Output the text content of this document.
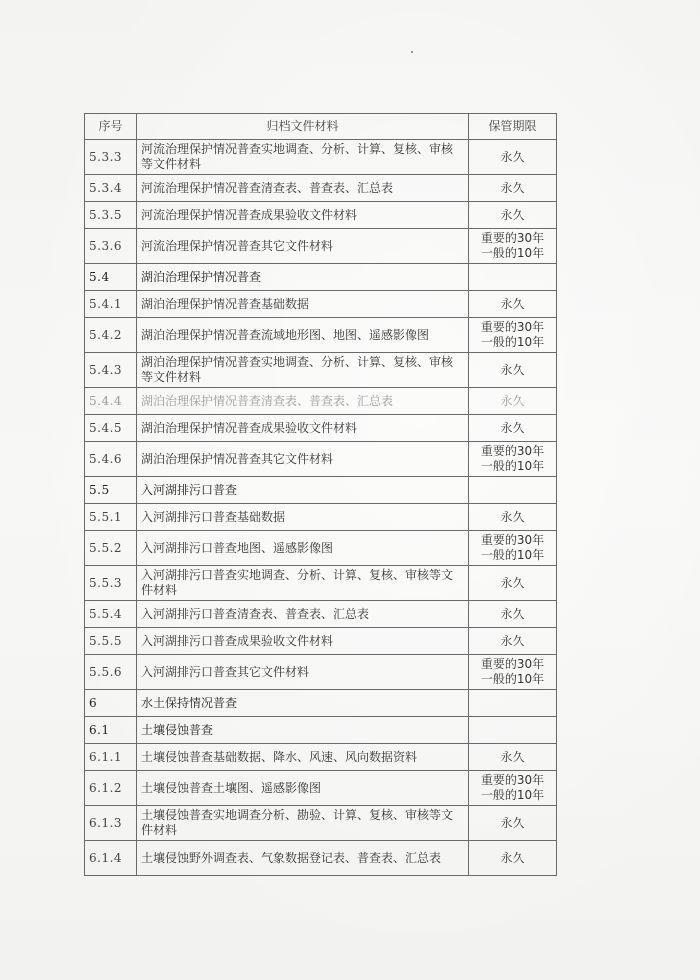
序号	归档文件材料	保管期限
5.3.3	河流治理保护情况普查实地调查、分析、计算、复核、审核等文件材料	永久
5.3.4	河流治理保护情况普查清查表、普查表、汇总表	永久
5.3.5	河流治理保护情况普查成果验收文件材料	永久
5.3.6	河流治理保护情况普查其它文件材料	重要的30年 一般的10年
5.4	湖泊治理保护情况普查	
5.4.1	湖泊治理保护情况普查基础数据	永久
5.4.2	湖泊治理保护情况普查流域地形图、地图、遥感影像图	重要的30年 一般的10年
5.4.3	湖泊治理保护情况普查实地调查、分析、计算、复核、审核等文件材料	永久
5.4.4	湖泊治理保护情况普查清查表、普查表、汇总表	永久
5.4.5	湖泊治理保护情况普查成果验收文件材料	永久
5.4.6	湖泊治理保护情况普查其它文件材料	重要的30年 一般的10年
5.5	入河湖排污口普查	
5.5.1	入河湖排污口普查基础数据	永久
5.5.2	入河湖排污口普查地图、遥感影像图	重要的30年 一般的10年
5.5.3	入河湖排污口普查实地调查、分析、计算、复核、审核等文件材料	永久
5.5.4	入河湖排污口普查清查表、普查表、汇总表	永久
5.5.5	入河湖排污口普查成果验收文件材料	永久
5.5.6	入河湖排污口普查其它文件材料	重要的30年 一般的10年
6	水土保持情况普查	
6.1	土壤侵蚀普查	
6.1.1	土壤侵蚀普查基础数据、降水、风速、风向数据资料	永久
6.1.2	土壤侵蚀普查土壤图、遥感影像图	重要的30年 一般的10年
6.1.3	土壤侵蚀普查实地调查分析、勘验、计算、复核、审核等文件材料	永久
6.1.4	土壤侵蚀野外调查表、气象数据登记表、普查表、汇总表	永久
